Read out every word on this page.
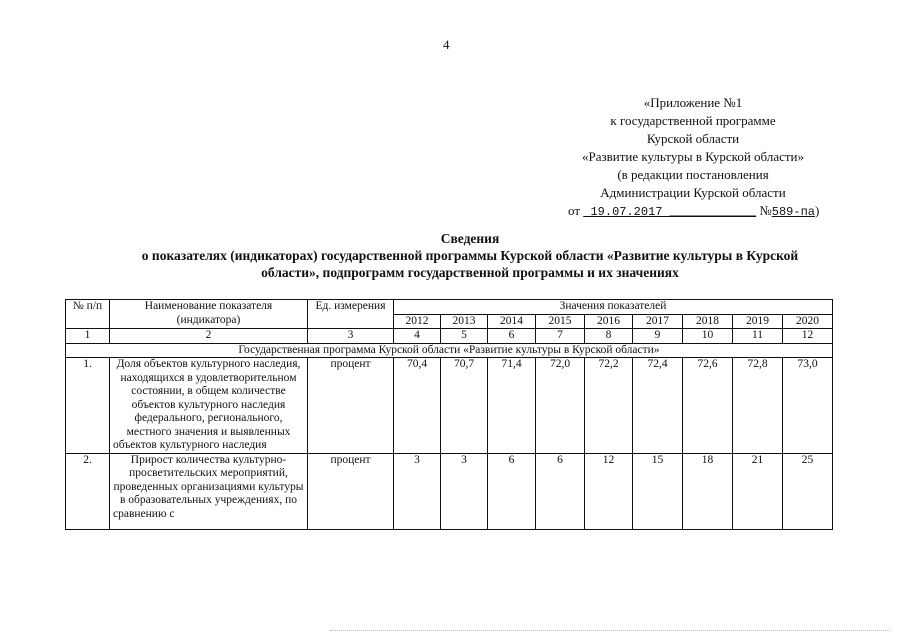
4
«Приложение №1
к государственной программе
Курской области
«Развитие культуры в Курской области»
(в редакции постановления
Администрации Курской области
от 19.07.2017 ____________ №589-па)
Сведения
о показателях (индикаторах) государственной программы Курской области «Развитие культуры в Курской
области», подпрограмм государственной программы и их значениях
№ п/п	Наименование показателя (индикатора)	Ед. измерения	Значения показателей								
			2012	2013	2014	2015	2016	2017	2018	2019	2020
1	2	3	4	5	6	7	8	9	10	11	12
Государственная программа Курской области «Развитие культуры в Курской области»											
1.	Доля объектов культурного наследия, находящихся в удовлетворительном состоянии, в общем количестве объектов культурного наследия федерального, регионального, местного значения и выявленных объектов культурного наследия	процент	70,4	70,7	71,4	72,0	72,2	72,4	72,6	72,8	73,0
2.	Прирост количества культурно-просветительских мероприятий, проведенных организациями культуры в образовательных учреждениях, по сравнению с	процент	3	3	6	6	12	15	18	21	25
